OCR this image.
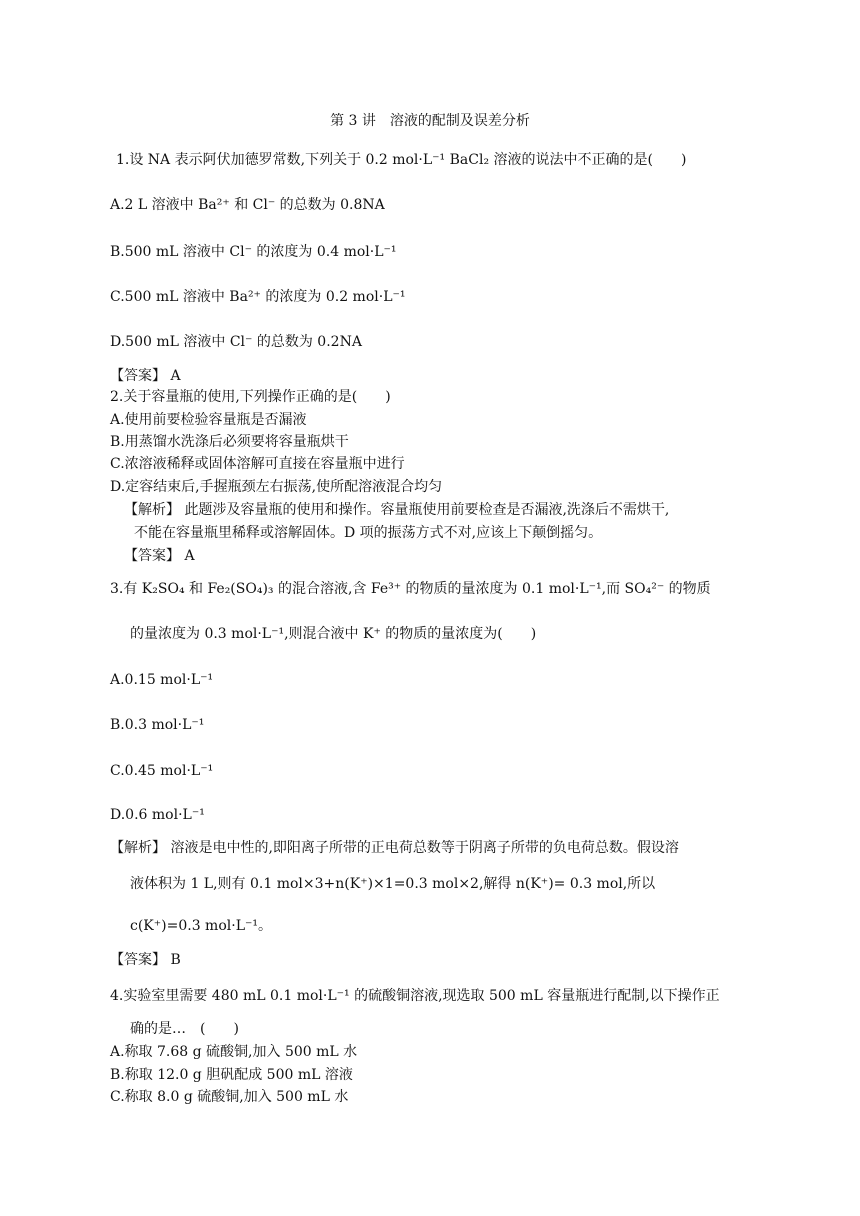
第 3 讲　溶液的配制及误差分析
1.设 NA 表示阿伏加德罗常数,下列关于 0.2 mol·L⁻¹ BaCl₂ 溶液的说法中不正确的是(　　)
A.2 L 溶液中 Ba²⁺ 和 Cl⁻ 的总数为 0.8NA
B.500 mL 溶液中 Cl⁻ 的浓度为 0.4 mol·L⁻¹
C.500 mL 溶液中 Ba²⁺ 的浓度为 0.2 mol·L⁻¹
D.500 mL 溶液中 Cl⁻ 的总数为 0.2NA
【答案】 A
2.关于容量瓶的使用,下列操作正确的是(　　)
A.使用前要检验容量瓶是否漏液
B.用蒸馏水洗涤后必须要将容量瓶烘干
C.浓溶液稀释或固体溶解可直接在容量瓶中进行
D.定容结束后,手握瓶颈左右振荡,使所配溶液混合均匀
【解析】 此题涉及容量瓶的使用和操作。容量瓶使用前要检查是否漏液,洗涤后不需烘干,
不能在容量瓶里稀释或溶解固体。D 项的振荡方式不对,应该上下颠倒摇匀。
【答案】 A
3.有 K₂SO₄ 和 Fe₂(SO₄)₃ 的混合溶液,含 Fe³⁺ 的物质的量浓度为 0.1 mol·L⁻¹,而 SO₄²⁻ 的物质
的量浓度为 0.3 mol·L⁻¹,则混合液中 K⁺ 的物质的量浓度为(　　)
A.0.15 mol·L⁻¹
B.0.3 mol·L⁻¹
C.0.45 mol·L⁻¹
D.0.6 mol·L⁻¹
【解析】 溶液是电中性的,即阳离子所带的正电荷总数等于阴离子所带的负电荷总数。假设溶
液体积为 1 L,则有 0.1 mol×3+n(K⁺)×1=0.3 mol×2,解得 n(K⁺)= 0.3 mol,所以
c(K⁺)=0.3 mol·L⁻¹。
【答案】 B
4.实验室里需要 480 mL 0.1 mol·L⁻¹ 的硫酸铜溶液,现选取 500 mL 容量瓶进行配制,以下操作正
确的是…　(　　)
A.称取 7.68 g 硫酸铜,加入 500 mL 水
B.称取 12.0 g 胆矾配成 500 mL 溶液
C.称取 8.0 g 硫酸铜,加入 500 mL 水
